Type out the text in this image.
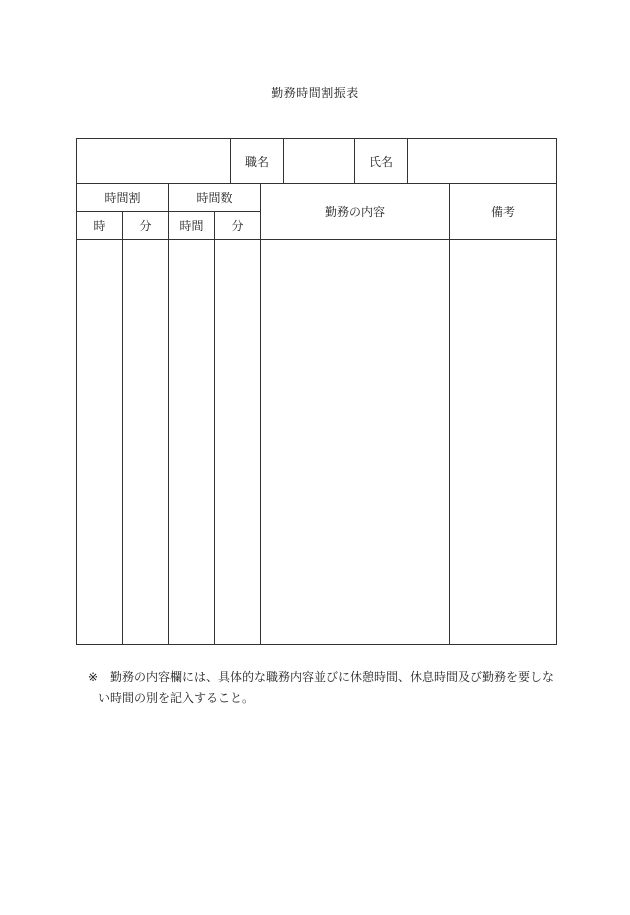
勤務時間割振表
	職名		氏名	
時間割		時間数		勤務の内容	備考
時	分	時間	分		

※ 勤務の内容欄には、具体的な職務内容並びに休憩時間、休息時間及び勤務を要しな
い時間の別を記入すること。
